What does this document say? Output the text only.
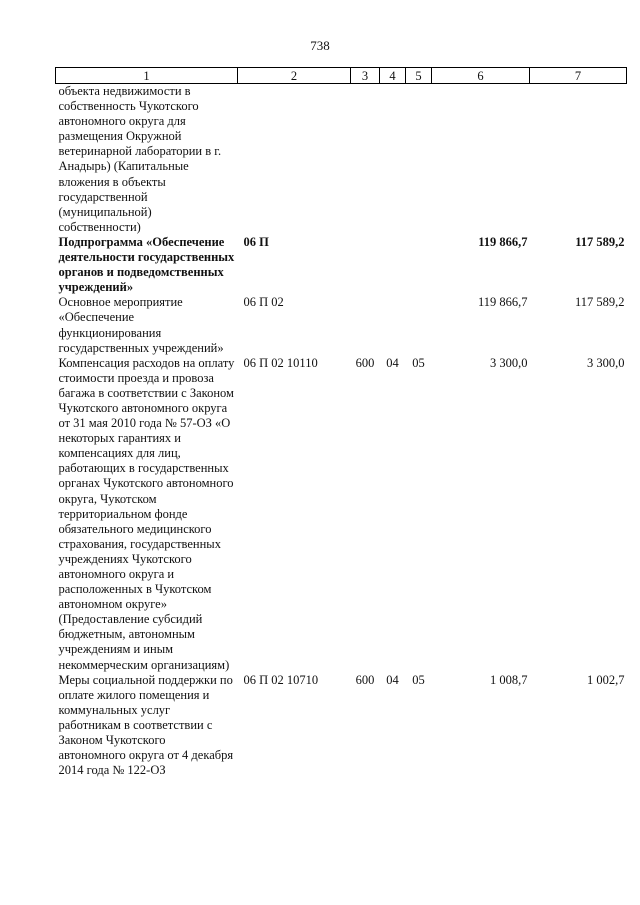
738
1	2	3	4	5	6	7
объекта недвижимости в собственность Чукотского автономного округа для размещения Окружной ветеринарной лаборатории в г. Анадырь) (Капитальные вложения в объекты государственной (муниципальной) собственности)						
Подпрограмма «Обеспечение деятельности государственных органов и подведомственных учреждений»	06 П				119 866,7	117 589,2
Основное мероприятие «Обеспечение функционирования государственных учреждений»	06 П 02				119 866,7	117 589,2
Компенсация расходов на оплату стоимости проезда и провоза багажа в соответствии с Законом Чукотского автономного округа от 31 мая 2010 года № 57-ОЗ «О некоторых гарантиях и компенсациях для лиц, работающих в государственных органах Чукотского автономного округа, Чукотском территориальном фонде обязательного медицинского страхования, государственных учреждениях Чукотского автономного округа и расположенных в Чукотском автономном округе» (Предоставление субсидий бюджетным, автономным учреждениям и иным некоммерческим организациям)	06 П 02 10110	600	04	05	3 300,0	3 300,0
Меры социальной поддержки по оплате жилого помещения и коммунальных услуг работникам в соответствии с Законом Чукотского автономного округа от 4 декабря 2014 года № 122-ОЗ	06 П 02 10710	600	04	05	1 008,7	1 002,7
